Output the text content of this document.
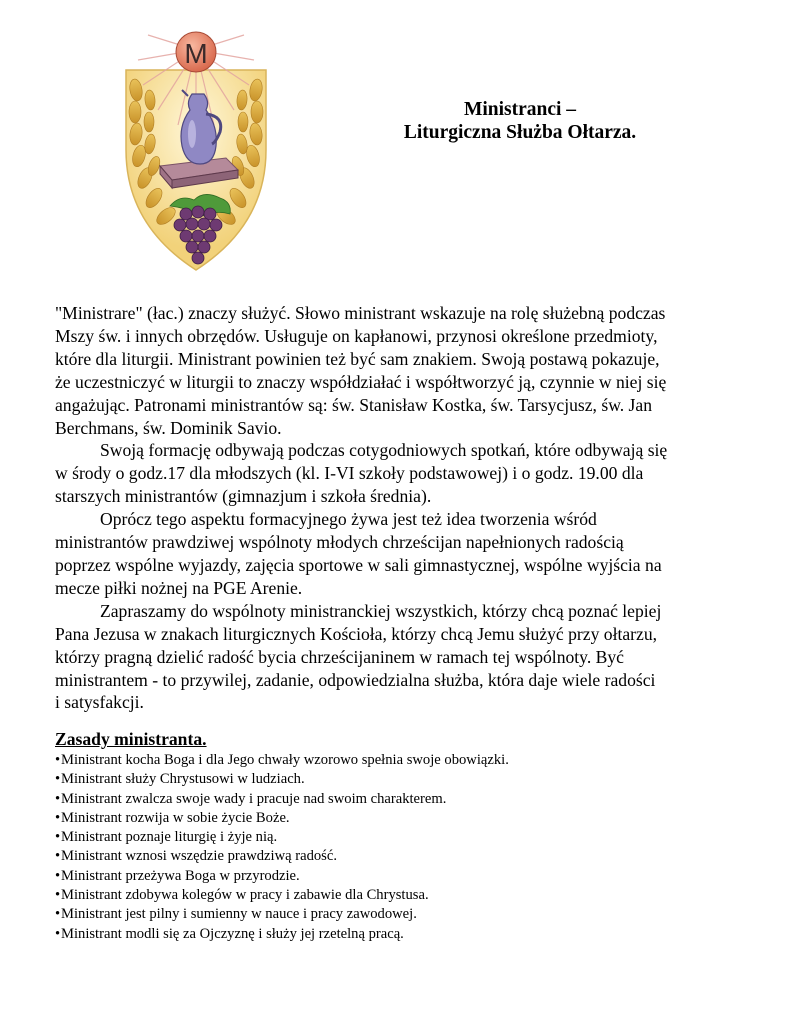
M
Ministranci –
Liturgiczna Służba Ołtarza.

"Ministrare" (łac.) znaczy służyć. Słowo ministrant wskazuje na rolę służebną podczas
Mszy św. i innych obrzędów. Usługuje on kapłanowi, przynosi określone przedmioty,
które dla liturgii. Ministrant powinien też być sam znakiem. Swoją postawą pokazuje,
że uczestniczyć w liturgii to znaczy współdziałać i współtworzyć ją, czynnie w niej się
angażując. Patronami ministrantów są: św. Stanisław Kostka, św. Tarsycjusz, św. Jan
Berchmans, św. Dominik Savio.

Swoją formację odbywają podczas cotygodniowych spotkań, które odbywają się
w środy o godz.17 dla młodszych (kl. I-VI szkoły podstawowej) i o godz. 19.00 dla
starszych ministrantów (gimnazjum i szkoła średnia).

Oprócz tego aspektu formacyjnego żywa jest też idea tworzenia wśród
ministrantów prawdziwej wspólnoty młodych chrześcijan napełnionych radością
poprzez wspólne wyjazdy, zajęcia sportowe w sali gimnastycznej, wspólne wyjścia na
mecze piłki nożnej na PGE Arenie.

Zapraszamy do wspólnoty ministranckiej wszystkich, którzy chcą poznać lepiej
Pana Jezusa w znakach liturgicznych Kościoła, którzy chcą Jemu służyć przy ołtarzu,
którzy pragną dzielić radość bycia chrześcijaninem w ramach tej wspólnoty. Być
ministrantem - to przywilej, zadanie, odpowiedzialna służba, która daje wiele radości
i satysfakcji.

Zasady ministranta.
•Ministrant kocha Boga i dla Jego chwały wzorowo spełnia swoje obowiązki.
•Ministrant służy Chrystusowi w ludziach.
•Ministrant zwalcza swoje wady i pracuje nad swoim charakterem.
•Ministrant rozwija w sobie życie Boże.
•Ministrant poznaje liturgię i żyje nią.
•Ministrant wznosi wszędzie prawdziwą radość.
•Ministrant przeżywa Boga w przyrodzie.
•Ministrant zdobywa kolegów w pracy i zabawie dla Chrystusa.
•Ministrant jest pilny i sumienny w nauce i pracy zawodowej.
•Ministrant modli się za Ojczyznę i służy jej rzetelną pracą.
